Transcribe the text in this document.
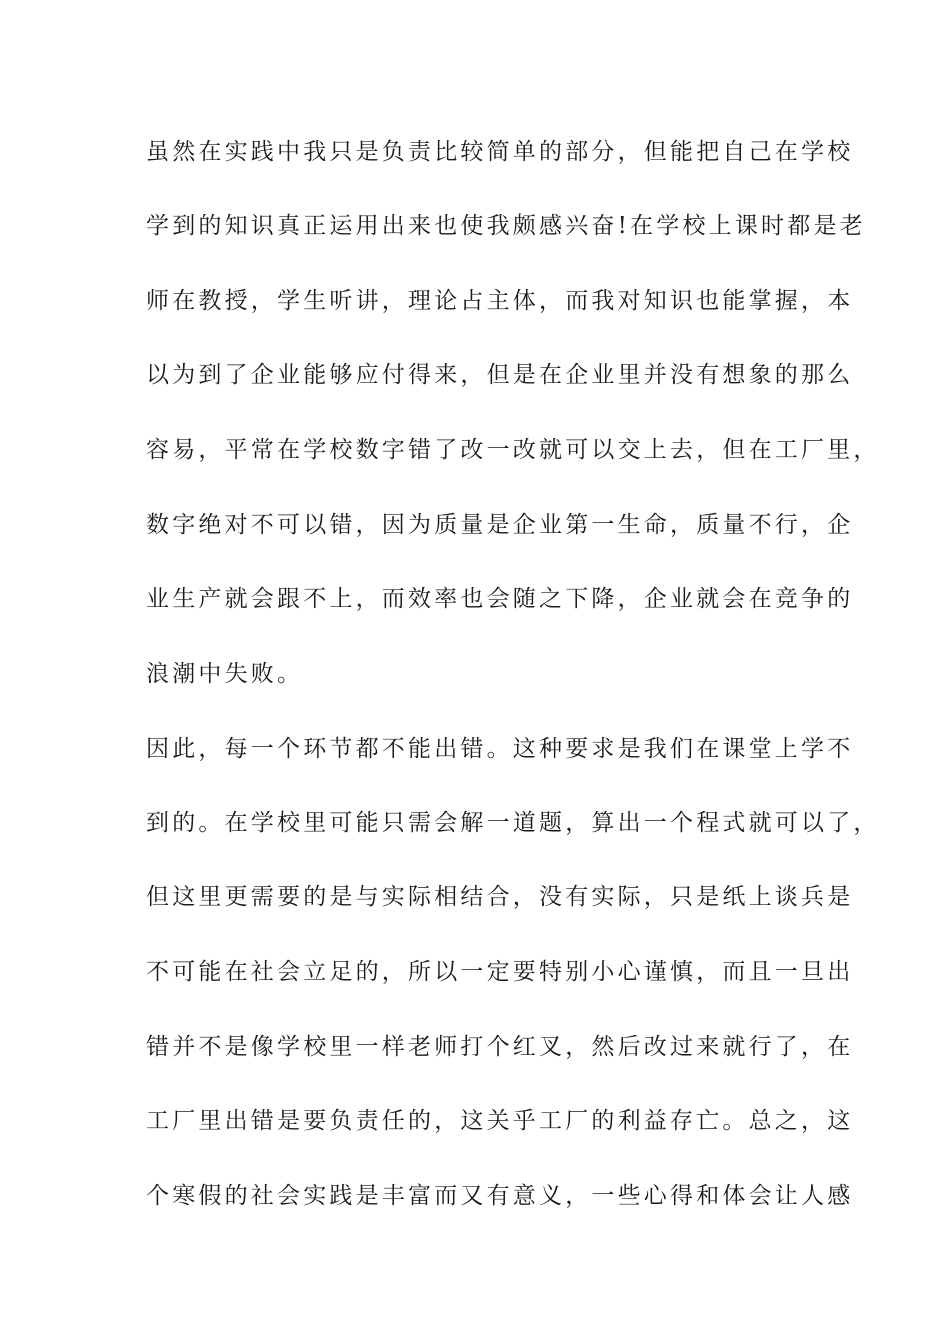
虽然在实践中我只是负责比较简单的部分，但能把自己在学校
学到的知识真正运用出来也使我颇感兴奋!在学校上课时都是老
师在教授，学生听讲，理论占主体，而我对知识也能掌握，本
以为到了企业能够应付得来，但是在企业里并没有想象的那么
容易，平常在学校数字错了改一改就可以交上去，但在工厂里，
数字绝对不可以错，因为质量是企业第一生命，质量不行，企
业生产就会跟不上，而效率也会随之下降，企业就会在竞争的
浪潮中失败。
因此，每一个环节都不能出错。这种要求是我们在课堂上学不
到的。在学校里可能只需会解一道题，算出一个程式就可以了，
但这里更需要的是与实际相结合，没有实际，只是纸上谈兵是
不可能在社会立足的，所以一定要特别小心谨慎，而且一旦出
错并不是像学校里一样老师打个红叉，然后改过来就行了，在
工厂里出错是要负责任的，这关乎工厂的利益存亡。总之，这
个寒假的社会实践是丰富而又有意义，一些心得和体会让人感
